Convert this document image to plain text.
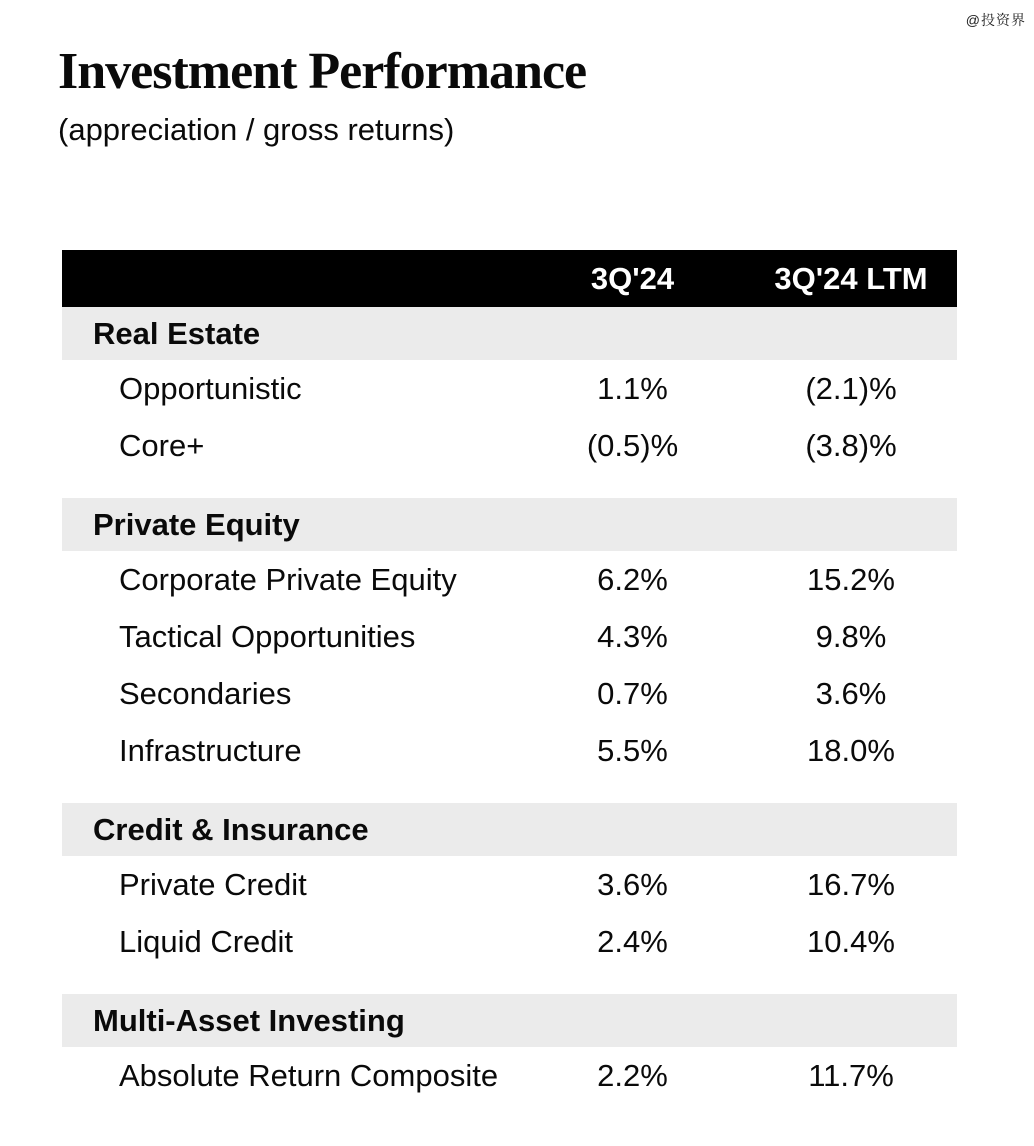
@投资界
Investment Performance
(appreciation / gross returns)
3Q'24	3Q'24 LTM
Real Estate
Opportunistic	1.1%	(2.1)%
Core+	(0.5)%	(3.8)%
Private Equity
Corporate Private Equity	6.2%	15.2%
Tactical Opportunities	4.3%	9.8%
Secondaries	0.7%	3.6%
Infrastructure	5.5%	18.0%
Credit & Insurance
Private Credit	3.6%	16.7%
Liquid Credit	2.4%	10.4%
Multi-Asset Investing
Absolute Return Composite	2.2%	11.7%
